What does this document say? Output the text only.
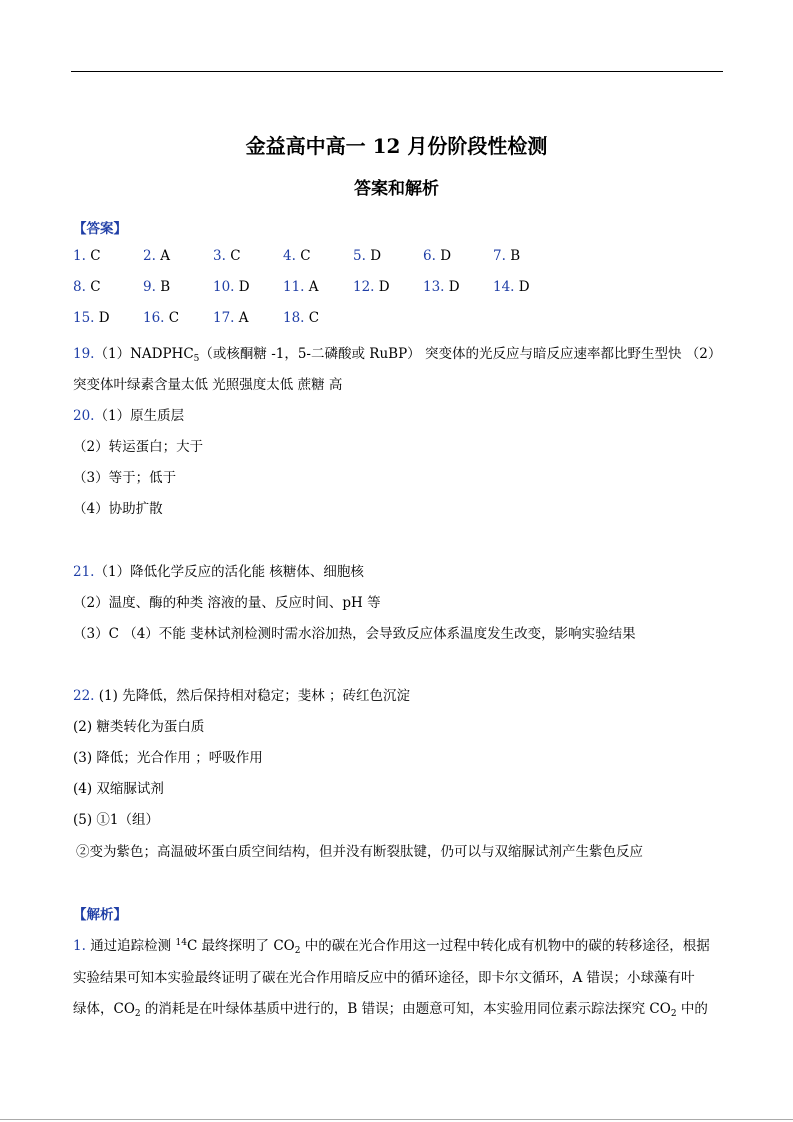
金益高中高一 12 月份阶段性检测
答案和解析
【答案】
1. C	2. A	3. C	4. C	5. D	6. D	7. B
8. C	9. B	10. D 11. A	12. D 13. D 14. D
15. D 16. C	17. A	18. C
$19.(1)NADPHC_5$（或核酮糖 -1，5-二磷酸或 RuBP） 突变体的光反应与暗反应速率都比野生型快 （2）
突变体叶绿素含量太低 光照强度太低 蔗糖 高
20.（1）原生质层
（2）转运蛋白；大于
（3）等于；低于
（4）协助扩散
21.（1）降低化学反应的活化能 核糖体、细胞核
（2）温度、酶的种类 溶液的量、反应时间、pH 等
（3）C （4）不能 斐林试剂检测时需水浴加热，会导致反应体系温度发生改变，影响实验结果
22. (1) 先降低，然后保持相对稳定；斐林 ；砖红色沉淀
(2) 糖类转化为蛋白质
(3) 降低；光合作用 ；呼吸作用
(4) 双缩脲试剂
(5) ①1（组）
②变为紫色；高温破坏蛋白质空间结构，但并没有断裂肽键，仍可以与双缩脲试剂产生紫色反应
【解析】
1. 通过追踪检测 $^{14}$C 最终探明了 $CO_2$ 中的碳在光合作用这一过程中转化成有机物中的碳的转移途径，根据
实验结果可知本实验最终证明了碳在光合作用暗反应中的循环途径，即卡尔文循环，A 错误；小球藻有叶
绿体，$CO_2$ 的消耗是在叶绿体基质中进行的，B 错误；由题意可知，本实验用同位素示踪法探究 $CO_2$ 中的
